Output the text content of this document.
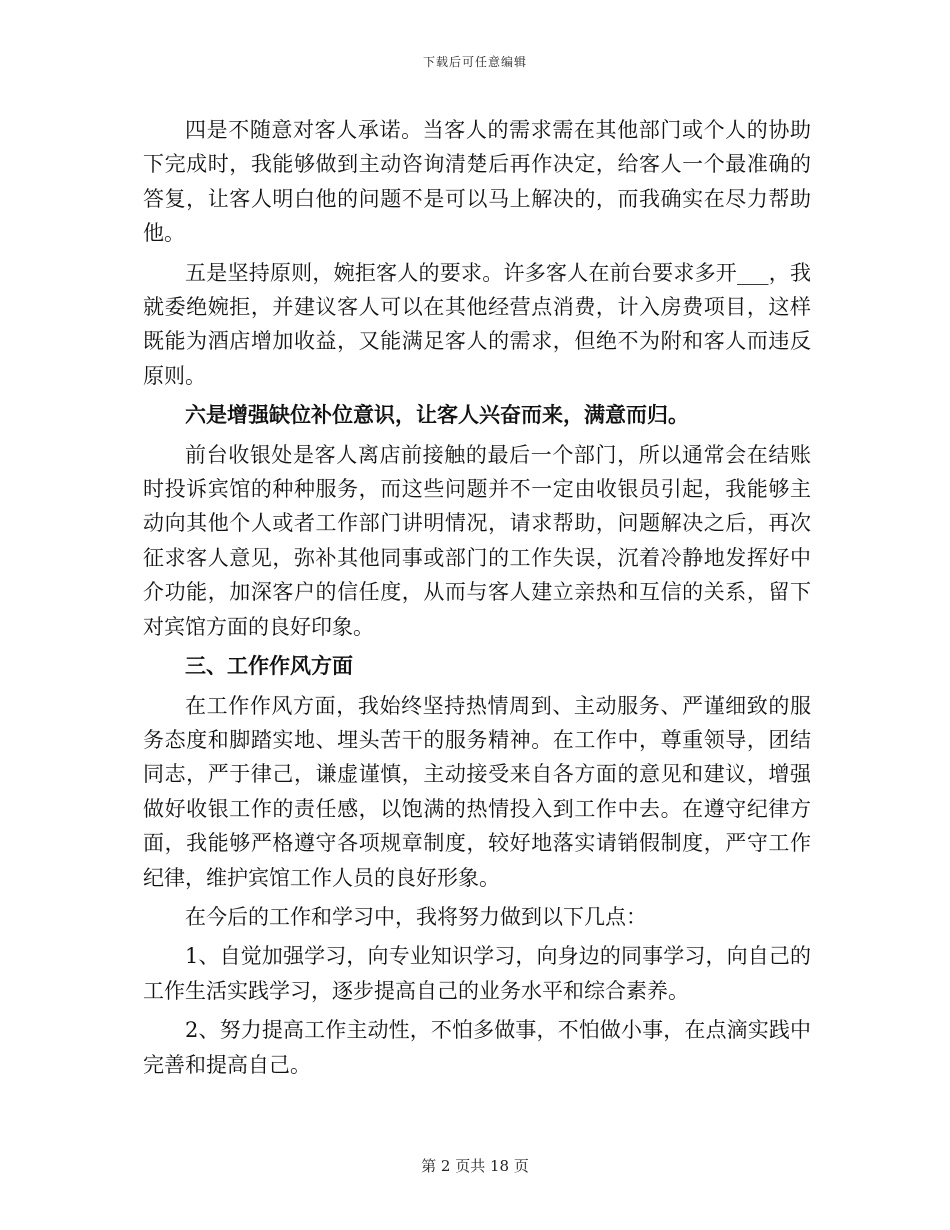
下载后可任意编辑

四是不随意对客人承诺。当客人的需求需在其他部门或个人的协助下完成时，我能够做到主动咨询清楚后再作决定，给客人一个最准确的答复，让客人明白他的问题不是可以马上解决的，而我确实在尽力帮助他。

五是坚持原则，婉拒客人的要求。许多客人在前台要求多开___，我就委绝婉拒，并建议客人可以在其他经营点消费，计入房费项目，这样既能为酒店增加收益，又能满足客人的需求，但绝不为附和客人而违反原则。

六是增强缺位补位意识，让客人兴奋而来，满意而归。

前台收银处是客人离店前接触的最后一个部门，所以通常会在结账时投诉宾馆的种种服务，而这些问题并不一定由收银员引起，我能够主动向其他个人或者工作部门讲明情况，请求帮助，问题解决之后，再次征求客人意见，弥补其他同事或部门的工作失误，沉着冷静地发挥好中介功能，加深客户的信任度，从而与客人建立亲热和互信的关系，留下对宾馆方面的良好印象。

三、工作作风方面

在工作作风方面，我始终坚持热情周到、主动服务、严谨细致的服务态度和脚踏实地、埋头苦干的服务精神。在工作中，尊重领导，团结同志，严于律己，谦虚谨慎，主动接受来自各方面的意见和建议，增强做好收银工作的责任感，以饱满的热情投入到工作中去。在遵守纪律方面，我能够严格遵守各项规章制度，较好地落实请销假制度，严守工作纪律，维护宾馆工作人员的良好形象。

在今后的工作和学习中，我将努力做到以下几点：

1、自觉加强学习，向专业知识学习，向身边的同事学习，向自己的工作生活实践学习，逐步提高自己的业务水平和综合素养。

2、努力提高工作主动性，不怕多做事，不怕做小事，在点滴实践中完善和提高自己。

第 2 页共 18 页
